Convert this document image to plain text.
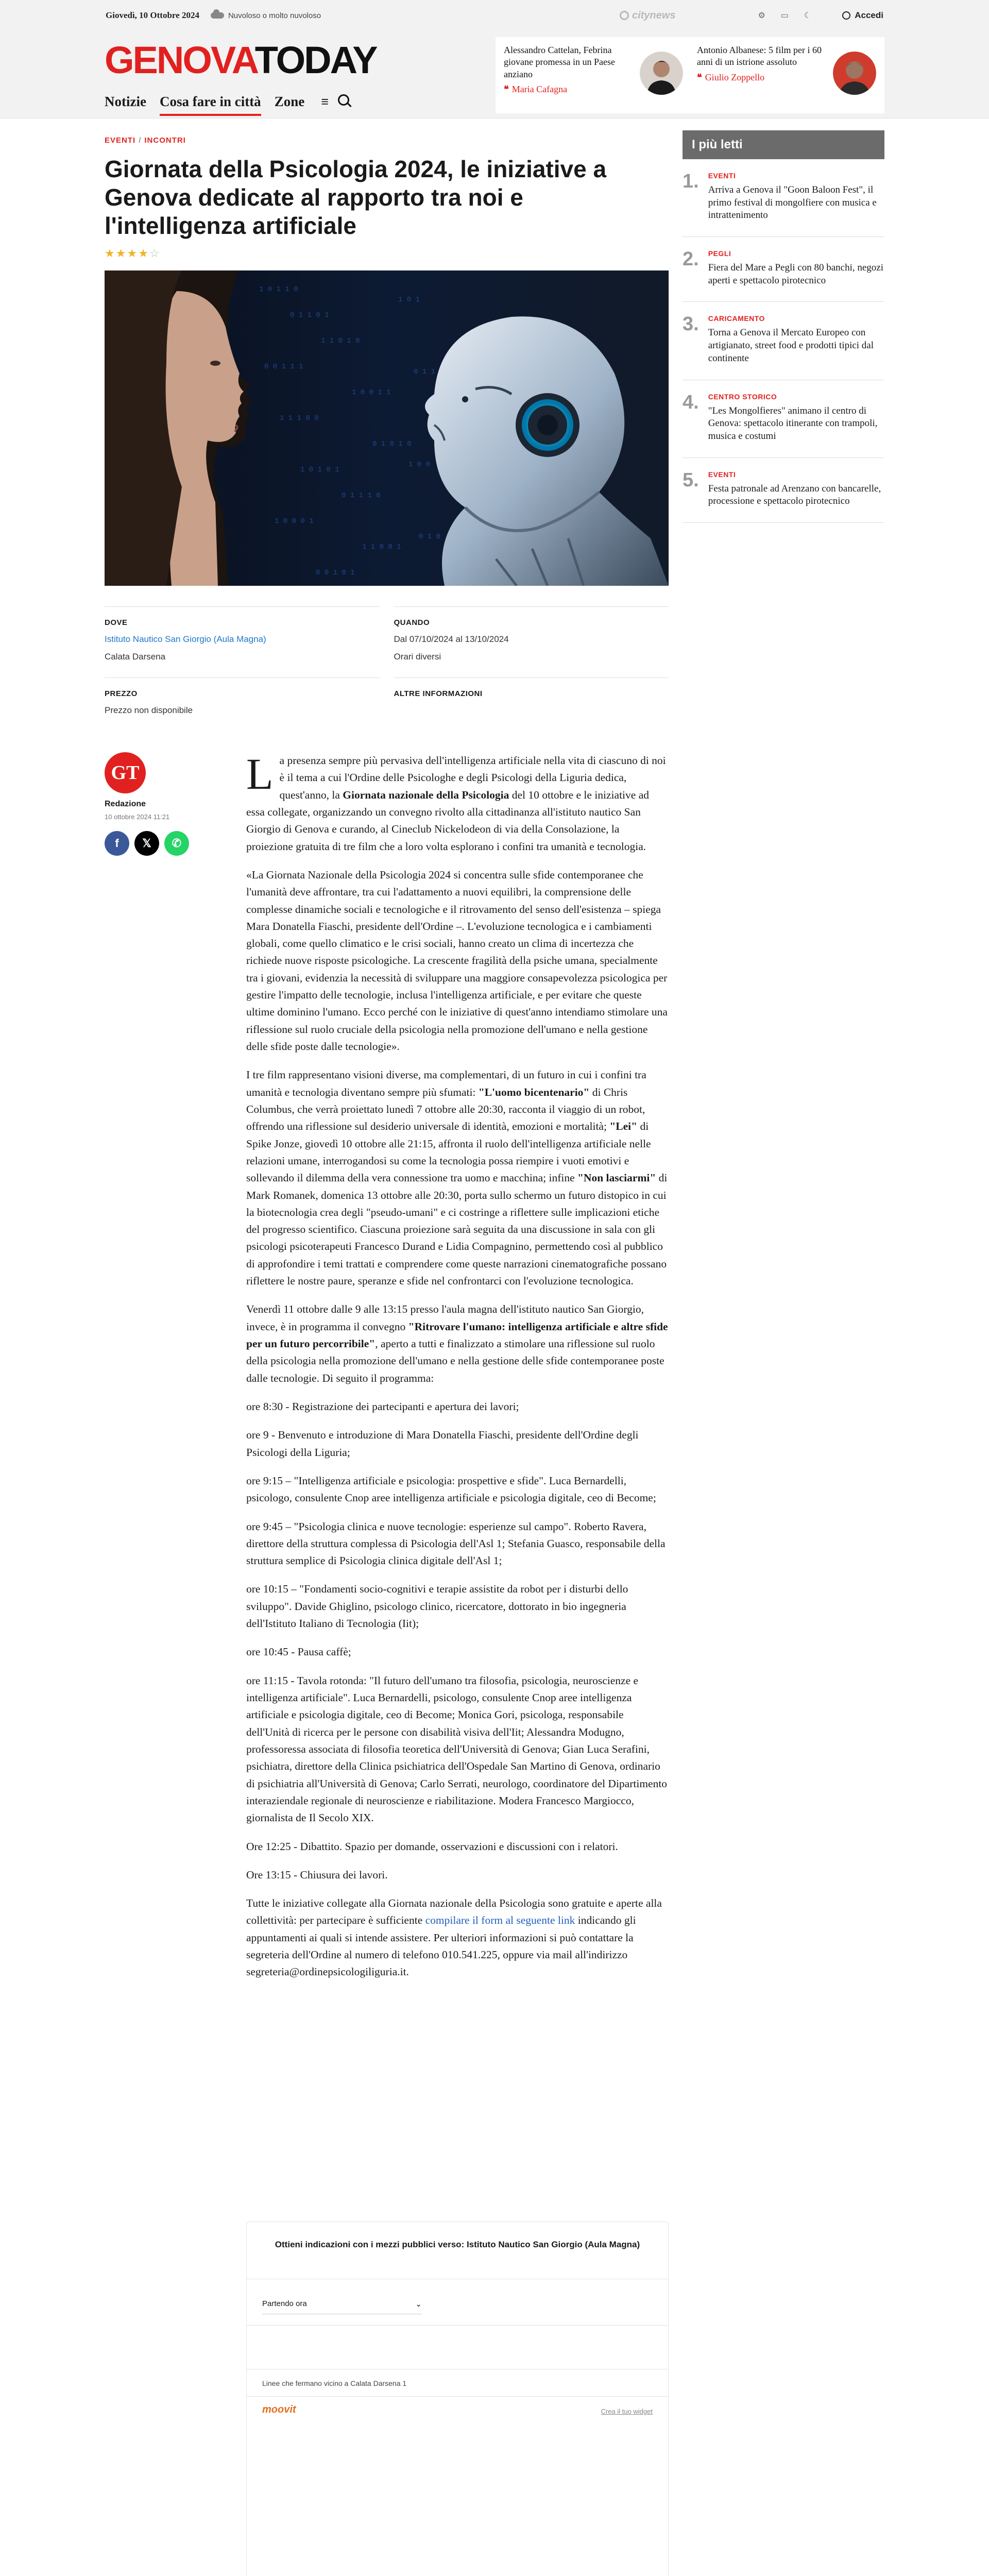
Giovedì, 10 Ottobre 2024	Nuvoloso o molto nuvoloso	citynews	⚙ ▭ ☾	Accedi
GENOVATODAY
Notizie Cosa fare in città Zone ≡
Alessandro Cattelan, Febrina giovane promessa in un Paese anziano
❝ Maria Cafagna
Antonio Albanese: 5 film per i 60 anni di un istrione assoluto
❝ Giulio Zoppello
EVENTI / INCONTRI
Giornata della Psicologia 2024, le iniziative a Genova dedicate al rapporto tra noi e l'intelligenza artificiale
★★★★☆
1 0 1 1 0
0 1 1 0 1
1 1 0 1 0
0 0 1 1 1
1 0 0 1 1
1 1 1 0 0
0 1 0 1 0
1 0 1 0 1
0 1 1 1 0
1 0 0 0 1
1 1 0 0 1
0 0 1 0 1
1 0 1
0 1 1
1 0 0
0 1 0
DOVE
Istituto Nautico San Giorgio (Aula Magna)
Calata Darsena
QUANDO
Dal 07/10/2024 al 13/10/2024
Orari diversi
PREZZO
Prezzo non disponibile
ALTRE INFORMAZIONI
GT
Redazione
10 ottobre 2024 11:21
f 𝕏 ✆

La presenza sempre più pervasiva dell'intelligenza artificiale nella vita di ciascuno di noi è il tema a cui l'Ordine delle Psicologhe e degli Psicologi della Liguria dedica, quest'anno, la Giornata nazionale della Psicologia del 10 ottobre e le iniziative ad essa collegate, organizzando un convegno rivolto alla cittadinanza all'istituto nautico San Giorgio di Genova e curando, al Cineclub Nickelodeon di via della Consolazione, la proiezione gratuita di tre film che a loro volta esplorano i confini tra umanità e tecnologia.

«La Giornata Nazionale della Psicologia 2024 si concentra sulle sfide contemporanee che l'umanità deve affrontare, tra cui l'adattamento a nuovi equilibri, la comprensione delle complesse dinamiche sociali e tecnologiche e il ritrovamento del senso dell'esistenza – spiega Mara Donatella Fiaschi, presidente dell'Ordine –. L'evoluzione tecnologica e i cambiamenti globali, come quello climatico e le crisi sociali, hanno creato un clima di incertezza che richiede nuove risposte psicologiche. La crescente fragilità della psiche umana, specialmente tra i giovani, evidenzia la necessità di sviluppare una maggiore consapevolezza psicologica per gestire l'impatto delle tecnologie, inclusa l'intelligenza artificiale, e per evitare che queste ultime dominino l'umano. Ecco perché con le iniziative di quest'anno intendiamo stimolare una riflessione sul ruolo cruciale della psicologia nella promozione dell'umano e nella gestione delle sfide poste dalle tecnologie».

I tre film rappresentano visioni diverse, ma complementari, di un futuro in cui i confini tra umanità e tecnologia diventano sempre più sfumati: "L'uomo bicentenario" di Chris Columbus, che verrà proiettato lunedì 7 ottobre alle 20:30, racconta il viaggio di un robot, offrendo una riflessione sul desiderio universale di identità, emozioni e mortalità; "Lei" di Spike Jonze, giovedì 10 ottobre alle 21:15, affronta il ruolo dell'intelligenza artificiale nelle relazioni umane, interrogandosi su come la tecnologia possa riempire i vuoti emotivi e sollevando il dilemma della vera connessione tra uomo e macchina; infine "Non lasciarmi" di Mark Romanek, domenica 13 ottobre alle 20:30, porta sullo schermo un futuro distopico in cui la biotecnologia crea degli "pseudo-umani" e ci costringe a riflettere sulle implicazioni etiche del progresso scientifico. Ciascuna proiezione sarà seguita da una discussione in sala con gli psicologi psicoterapeuti Francesco Durand e Lidia Compagnino, permettendo così al pubblico di approfondire i temi trattati e comprendere come queste narrazioni cinematografiche possano riflettere le nostre paure, speranze e sfide nel confrontarci con l'evoluzione tecnologica.

Venerdì 11 ottobre dalle 9 alle 13:15 presso l'aula magna dell'istituto nautico San Giorgio, invece, è in programma il convegno "Ritrovare l'umano: intelligenza artificiale e altre sfide per un futuro percorribile", aperto a tutti e finalizzato a stimolare una riflessione sul ruolo della psicologia nella promozione dell'umano e nella gestione delle sfide contemporanee poste dalle tecnologie. Di seguito il programma:

ore 8:30 - Registrazione dei partecipanti e apertura dei lavori;

ore 9 - Benvenuto e introduzione di Mara Donatella Fiaschi, presidente dell'Ordine degli Psicologi della Liguria;

ore 9:15 – "Intelligenza artificiale e psicologia: prospettive e sfide". Luca Bernardelli, psicologo, consulente Cnop aree intelligenza artificiale e psicologia digitale, ceo di Become;

ore 9:45 – "Psicologia clinica e nuove tecnologie: esperienze sul campo". Roberto Ravera, direttore della struttura complessa di Psicologia dell'Asl 1; Stefania Guasco, responsabile della struttura semplice di Psicologia clinica digitale dell'Asl 1;

ore 10:15 – "Fondamenti socio-cognitivi e terapie assistite da robot per i disturbi dello sviluppo". Davide Ghiglino, psicologo clinico, ricercatore, dottorato in bio ingegneria dell'Istituto Italiano di Tecnologia (Iit);

ore 10:45 - Pausa caffè;

ore 11:15 - Tavola rotonda: "Il futuro dell'umano tra filosofia, psicologia, neuroscienze e intelligenza artificiale". Luca Bernardelli, psicologo, consulente Cnop aree intelligenza artificiale e psicologia digitale, ceo di Become; Monica Gori, psicologa, responsabile dell'Unità di ricerca per le persone con disabilità visiva dell'Iit; Alessandra Modugno, professoressa associata di filosofia teoretica dell'Università di Genova; Gian Luca Serafini, psichiatra, direttore della Clinica psichiatrica dell'Ospedale San Martino di Genova, ordinario di psichiatria all'Università di Genova; Carlo Serrati, neurologo, coordinatore del Dipartimento interaziendale regionale di neuroscienze e riabilitazione. Modera Francesco Margiocco, giornalista de Il Secolo XIX.

Ore 12:25 - Dibattito. Spazio per domande, osservazioni e discussioni con i relatori.

Ore 13:15 - Chiusura dei lavori.

Tutte le iniziative collegate alla Giornata nazionale della Psicologia sono gratuite e aperte alla collettività: per partecipare è sufficiente compilare il form al seguente link indicando gli appuntamenti ai quali si intende assistere. Per ulteriori informazioni si può contattare la segreteria dell'Ordine al numero di telefono 010.541.225, oppure via mail all'indirizzo segreteria@ordinepsicologiliguria.it.

Ottieni indicazioni con i mezzi pubblici verso: Istituto Nautico San Giorgio (Aula Magna)
Partendo ora	⌄
Linee che fermano vicino a Calata Darsena 1
moovit	Crea il tuo widget
I più letti
1. EVENTI
Arriva a Genova il "Goon Baloon Fest", il primo festival di mongolfiere con musica e intrattenimento
2. PEGLI
Fiera del Mare a Pegli con 80 banchi, negozi aperti e spettacolo pirotecnico
3. CARICAMENTO
Torna a Genova il Mercato Europeo con artigianato, street food e prodotti tipici dal continente
4. CENTRO STORICO
"Les Mongolfieres" animano il centro di Genova: spettacolo itinerante con trampoli, musica e costumi
5. EVENTI
Festa patronale ad Arenzano con bancarelle, processione e spettacolo pirotecnico
